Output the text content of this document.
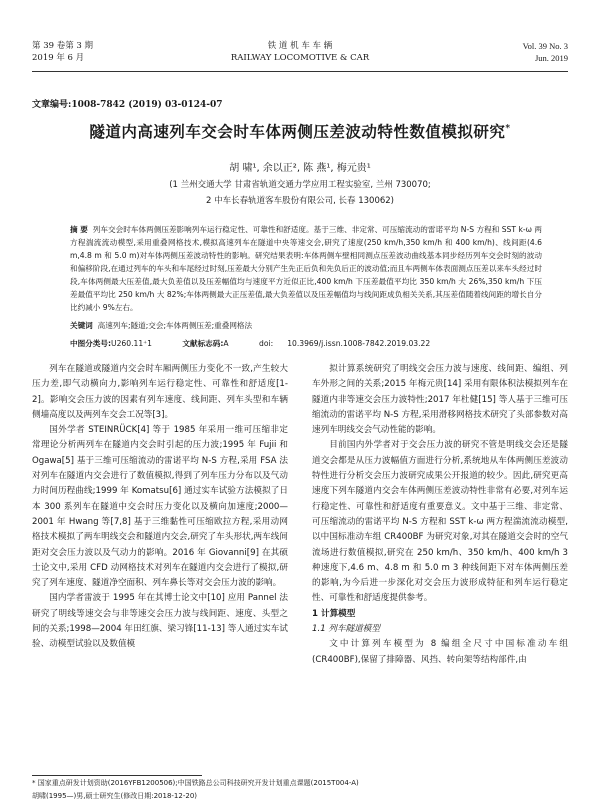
第 39 卷第 3 期
2019 年 6 月
铁 道 机 车 车 辆
RAILWAY LOCOMOTIVE & CAR
Vol. 39 No. 3
Jun. 2019
文章编号:1008-7842 (2019) 03-0124-07
隧道内高速列车交会时车体两侧压差波动特性数值模拟研究*
胡 啸¹, 余以正², 陈 燕¹, 梅元贵¹
(1 兰州交通大学 甘肃省轨道交通力学应用工程实验室, 兰州 730070;
2 中车长春轨道客车股份有限公司, 长春 130062)
摘 要 列车交会时车体两侧压差影响列车运行稳定性、可靠性和舒适度。基于三维、非定常、可压缩流动的雷诺平均 N-S 方程和 SST k-ω 两方程湍流流动模型,采用重叠网格技术,模拟高速列车在隧道中央等速交会,研究了速度(250 km/h,350 km/h 和 400 km/h)、线间距(4.6 m,4.8 m 和 5.0 m)对车体两侧压差波动特性的影响。研究结果表明:车体两侧车壁相同测点压差波动曲线基本同步经历列车交会时刻的波动和偏移阶段,在通过列车的车头和车尾经过时刻,压差最大分别产生先正后负和先负后正的波动值;而且车两侧车体表面测点压差以来车头经过时段,车体两侧最大压差值,最大负差值以及压差幅值均与速度平方近似正比,400 km/h 下压差最值平均比 350 km/h 大 26%,350 km/h 下压差最值平均比 250 km/h 大 82%;车体两侧最大正压差值,最大负差值以及压差幅值均与线间距成负相关关系,其压差值随着线间距的增长自分比约减小 9%左右。
关键词 高速列车;隧道;交会;车体两侧压差;重叠网格法
中图分类号:U260.11⁺1	文献标志码:A	doi: 10.3969/j.issn.1008-7842.2019.03.22

列车在隧道或隧道内交会时车厢两侧压力变化不一致,产生较大压力差,即气动横向力,影响列车运行稳定性、可靠性和舒适度[1-2]。影响交会压力波的因素有列车速度、线间距、列车头型和车辆侧墙高度以及两列车交会工况等[3]。

国外学者 STEINRÜCK[4] 等于 1985 年采用一维可压缩非定常理论分析两列车在隧道内交会时引起的压力波;1995 年 Fujii 和 Ogawa[5] 基于三维可压缩流动的雷诺平均 N-S 方程,采用 FSA 法对列车在隧道内交会进行了数值模拟,得到了列车压力分布以及气动力时间历程曲线;1999 年 Komatsu[6] 通过实车试验方法模拟了日本 300 系列车在隧道中交会时压力变化以及横向加速度;2000—2001 年 Hwang 等[7,8] 基于三维黏性可压缩欧拉方程,采用动网格技术模拟了两车明线交会和隧道内交会,研究了车头形状,两车线间距对交会压力波以及气动力的影响。2016 年 Giovanni[9] 在其硕士论文中,采用 CFD 动网格技术对列车在隧道内交会进行了模拟,研究了列车速度、隧道净空面积、列车鼻长等对交会压力波的影响。

国内学者雷波于 1995 年在其博士论文中[10] 应用 Pannel 法研究了明线等速交会与非等速交会压力波与线间距、速度、头型之间的关系;1998—2004 年田红旗、梁习锋[11-13] 等人通过实车试验、动模型试验以及数值模

拟计算系统研究了明线交会压力波与速度、线间距、编组、列车外形之间的关系;2015 年梅元贵[14] 采用有限体积法模拟列车在隧道内非等速交会压力波特性;2017 年杜健[15] 等人基于三维可压缩流动的雷诺平均 N-S 方程,采用滑移网格技术研究了头部参数对高速列车明线交会气动性能的影响。

目前国内外学者对于交会压力波的研究不管是明线交会还是隧道交会都是从压力波幅值方面进行分析,系统地从车体两侧压差波动特性进行分析交会压力波研究成果公开报道的较少。因此,研究更高速度下列车隧道内交会车体两侧压差波动特性非常有必要,对列车运行稳定性、可靠性和舒适度有重要意义。文中基于三维、非定常、可压缩流动的雷诺平均 N-S 方程和 SST k-ω 两方程湍流流动模型,以中国标准动车组 CR400BF 为研究对象,对其在隧道交会时的空气流场进行数值模拟,研究在 250 km/h、350 km/h、400 km/h 3 种速度下,4.6 m、4.8 m 和 5.0 m 3 种线间距下对车体两侧压差的影响,为今后进一步深化对交会压力波形成特征和列车运行稳定性、可靠性和舒适度提供参考。

1 计算模型

1.1 列车隧道模型

文中计算列车模型为 8 编组全尺寸中国标准动车组(CR400BF),保留了排障器、风挡、转向架等结构部件,由

* 国家重点研发计划资助(2016YFB1200506);中国铁路总公司科技研究开发计划重点课题(2015T004-A)
胡啸(1995—)男,硕士研究生(修改日期:2018-12-20)
